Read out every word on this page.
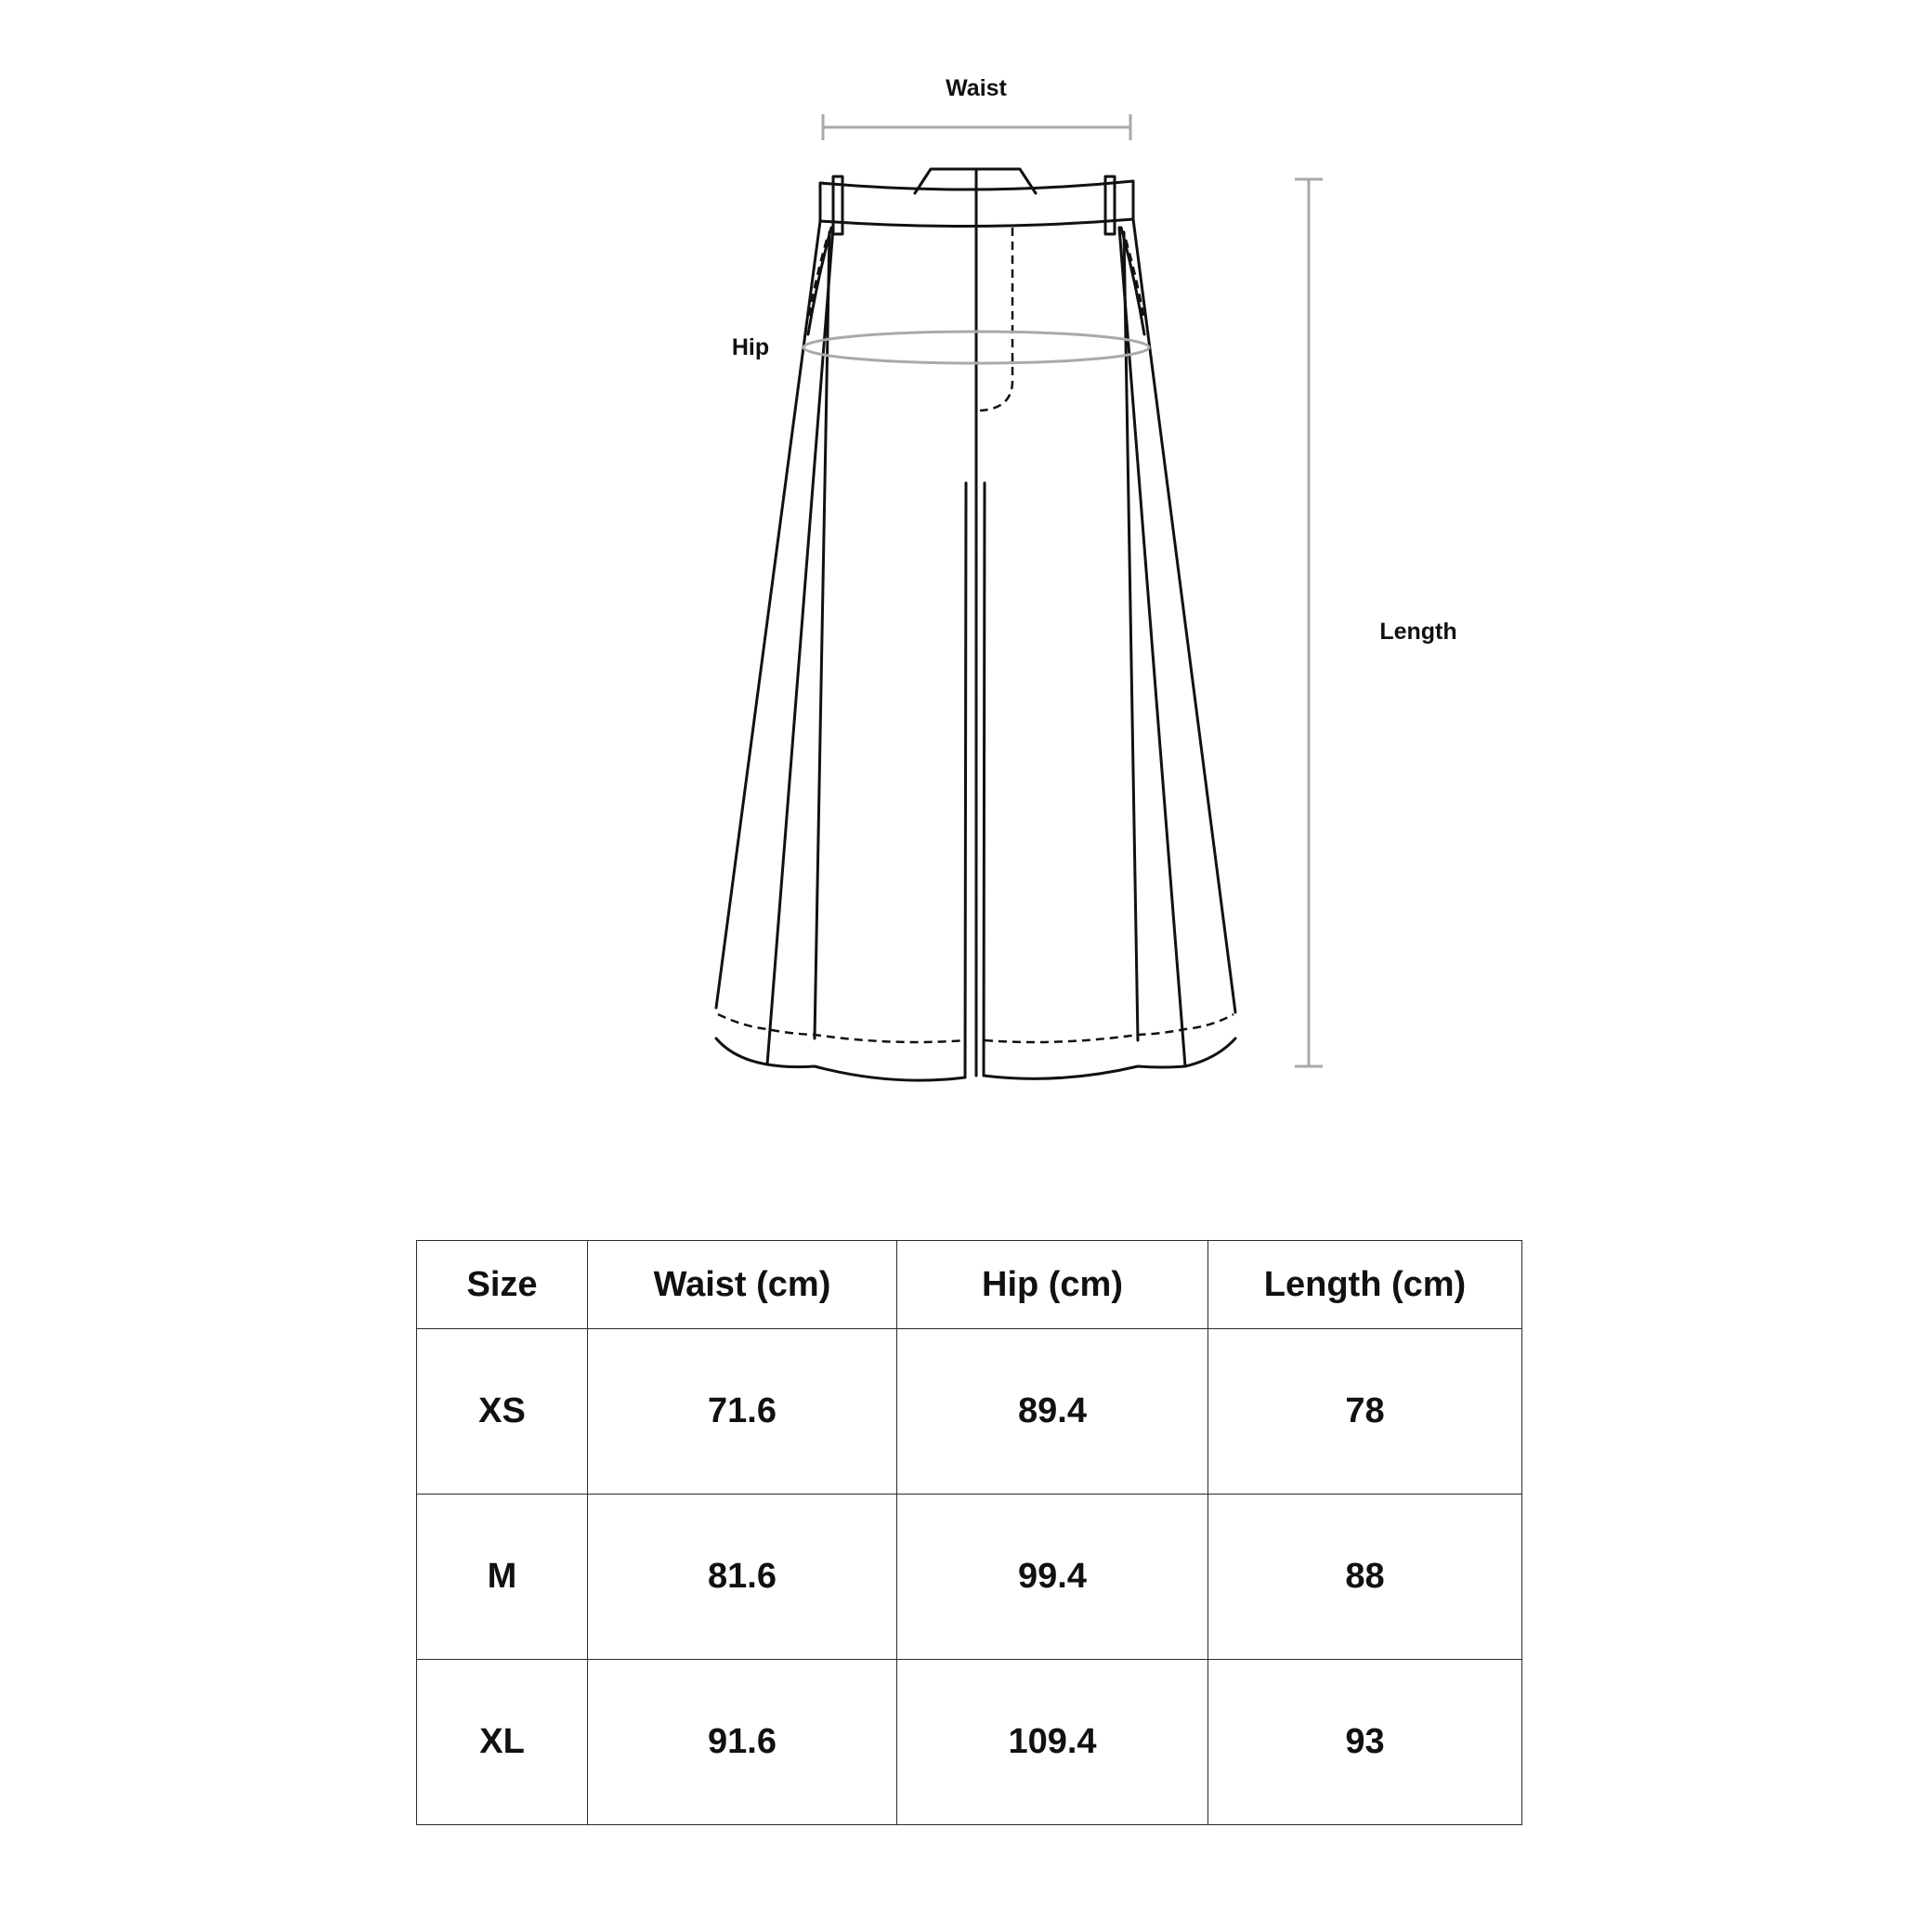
Waist
Hip
Length
Size	Waist (cm)	Hip (cm)	Length (cm)
XS	71.6	89.4	78
M	81.6	99.4	88
XL	91.6	109.4	93
